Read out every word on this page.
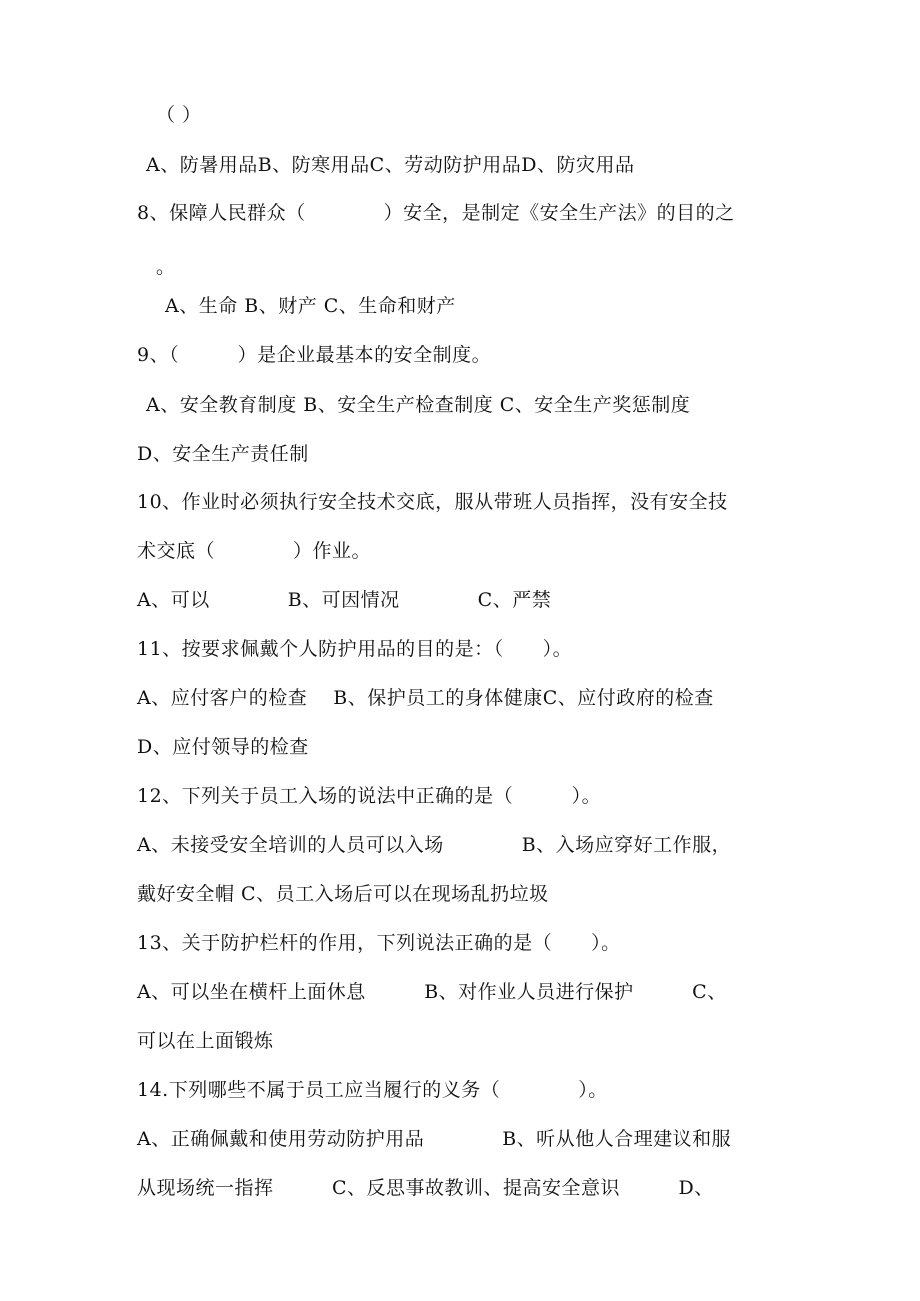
（ ）
A、防暑用品B、防寒用品C、劳动防护用品D、防灾用品
8、保障人民群众（　　　　）安全，是制定《安全生产法》的目的之
。
A、生命 B、财产 C、生命和财产
9、（　　　）是企业最基本的安全制度。
A、安全教育制度 B、安全生产检查制度 C、安全生产奖惩制度
D、安全生产责任制
10、作业时必须执行安全技术交底，服从带班人员指挥，没有安全技
术交底（　　　　）作业。
A、可以　　　　B、可因情况　　　　C、严禁
11、按要求佩戴个人防护用品的目的是：（　　）。
A、应付客户的检查　 B、保护员工的身体健康C、应付政府的检查
D、应付领导的检查
12、下列关于员工入场的说法中正确的是（　　　）。
A、未接受安全培训的人员可以入场　　　　B、入场应穿好工作服，
戴好安全帽 C、员工入场后可以在现场乱扔垃圾
13、关于防护栏杆的作用，下列说法正确的是（　　）。
A、可以坐在横杆上面休息　　　B、对作业人员进行保护　　　C、
可以在上面锻炼
14.下列哪些不属于员工应当履行的义务（　　　　）。
A、正确佩戴和使用劳动防护用品　　　　B、听从他人合理建议和服
从现场统一指挥　　　C、反思事故教训、提高安全意识　　　D、
